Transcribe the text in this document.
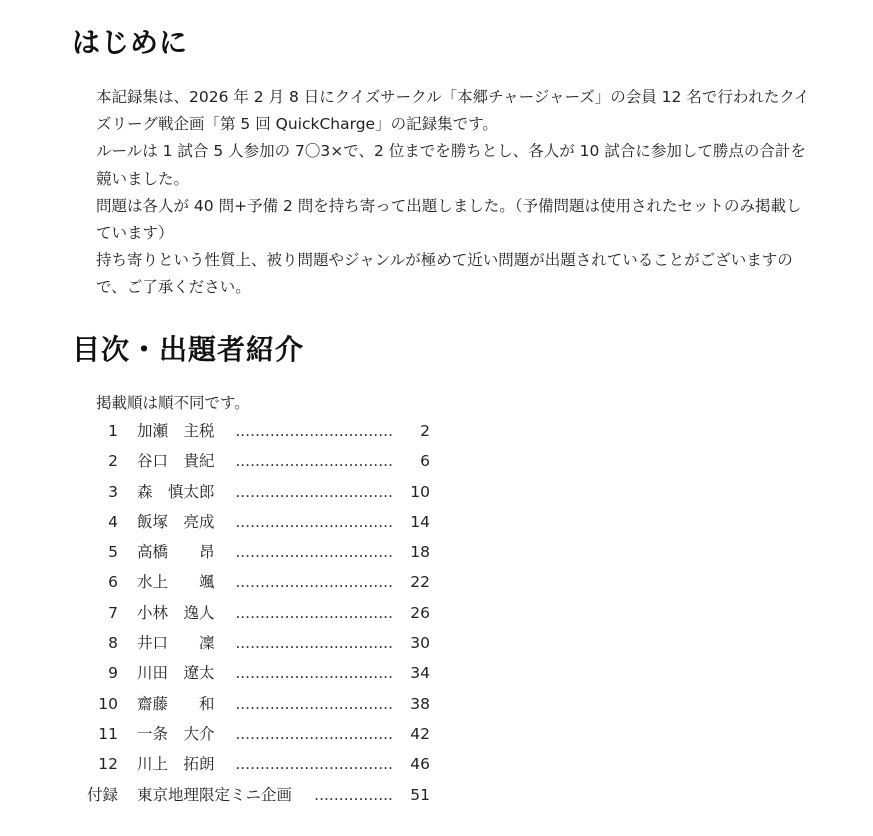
はじめに

本記録集は、2026 年 2 月 8 日にクイズサークル「本郷チャージャーズ」の会員 12 名で行われたクイズリーグ戦企画「第 5 回 QuickCharge」の記録集です。

ルールは 1 試合 5 人参加の 7〇3×で、2 位までを勝ちとし、各人が 10 試合に参加して勝点の合計を競いました。

問題は各人が 40 問+予備 2 問を持ち寄って出題しました。（予備問題は使用されたセットのみ掲載しています）

持ち寄りという性質上、被り問題やジャンルが極めて近い問題が出題されていることがございますので、ご了承ください。

目次・出題者紹介
掲載順は順不同です。
1 加瀬　主税 ................................ 2
2 谷口　貴紀 ................................ 6
3 森　慎太郎 ................................ 10
4 飯塚　亮成 ................................ 14
5 高橋　　昂 ................................ 18
6 水上　　颯 ................................ 22
7 小林　逸人 ................................ 26
8 井口　　凜 ................................ 30
9 川田　遼太 ................................ 34
10 齋藤　　和 ................................ 38
11 一条　大介 ................................ 42
12 川上　拓朗 ................................ 46
付録 東京地理限定ミニ企画 ................ 51
